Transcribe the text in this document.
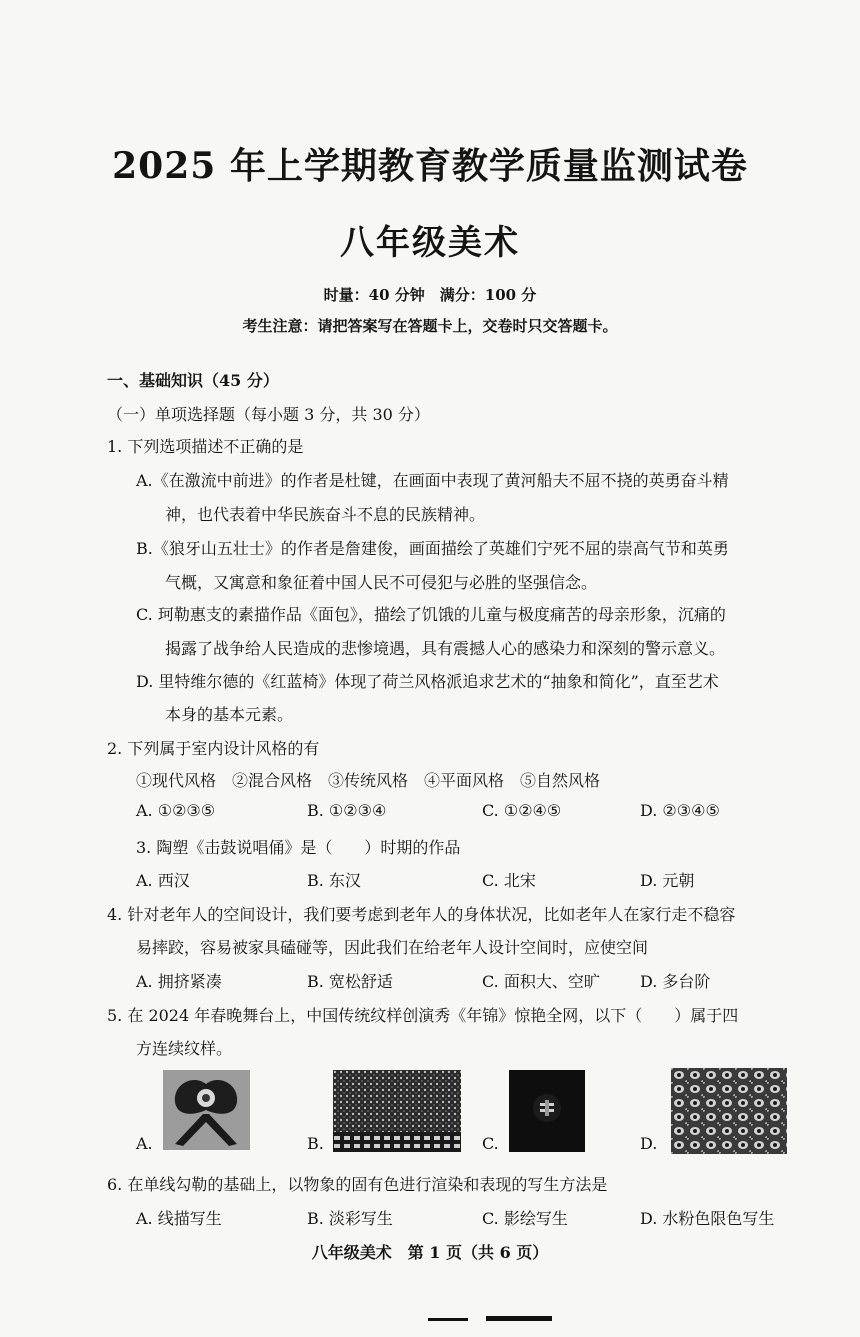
2025 年上学期教育教学质量监测试卷
八年级美术
时量：40 分钟　满分：100 分
考生注意：请把答案写在答题卡上，交卷时只交答题卡。
一、基础知识（45 分）
（一）单项选择题（每小题 3 分，共 30 分）
1. 下列选项描述不正确的是
A.《在激流中前进》的作者是杜键，在画面中表现了黄河船夫不屈不挠的英勇奋斗精
神，也代表着中华民族奋斗不息的民族精神。
B.《狼牙山五壮士》的作者是詹建俊，画面描绘了英雄们宁死不屈的崇高气节和英勇
气概，又寓意和象征着中国人民不可侵犯与必胜的坚强信念。
C. 珂勒惠支的素描作品《面包》，描绘了饥饿的儿童与极度痛苦的母亲形象，沉痛的
揭露了战争给人民造成的悲惨境遇，具有震撼人心的感染力和深刻的警示意义。
D. 里特维尔德的《红蓝椅》体现了荷兰风格派追求艺术的“抽象和简化”，直至艺术
本身的基本元素。
2. 下列属于室内设计风格的有
①现代风格　②混合风格　③传统风格　④平面风格　⑤自然风格
A. ①②③⑤	B. ①②③④	C. ①②④⑤	D. ②③④⑤
3. 陶塑《击鼓说唱俑》是（　　）时期的作品
A. 西汉	B. 东汉	C. 北宋	D. 元朝
4. 针对老年人的空间设计，我们要考虑到老年人的身体状况，比如老年人在家行走不稳容
易摔跤，容易被家具磕碰等，因此我们在给老年人设计空间时，应使空间
A. 拥挤紧凑	B. 宽松舒适	C. 面积大、空旷	D. 多台阶
5. 在 2024 年春晚舞台上，中国传统纹样创演秀《年锦》惊艳全网，以下（　　）属于四
方连续纹样。
A.	B.	C.	D.
6. 在单线勾勒的基础上，以物象的固有色进行渲染和表现的写生方法是
A. 线描写生	B. 淡彩写生	C. 影绘写生	D. 水粉色限色写生
八年级美术　第 1 页（共 6 页）
